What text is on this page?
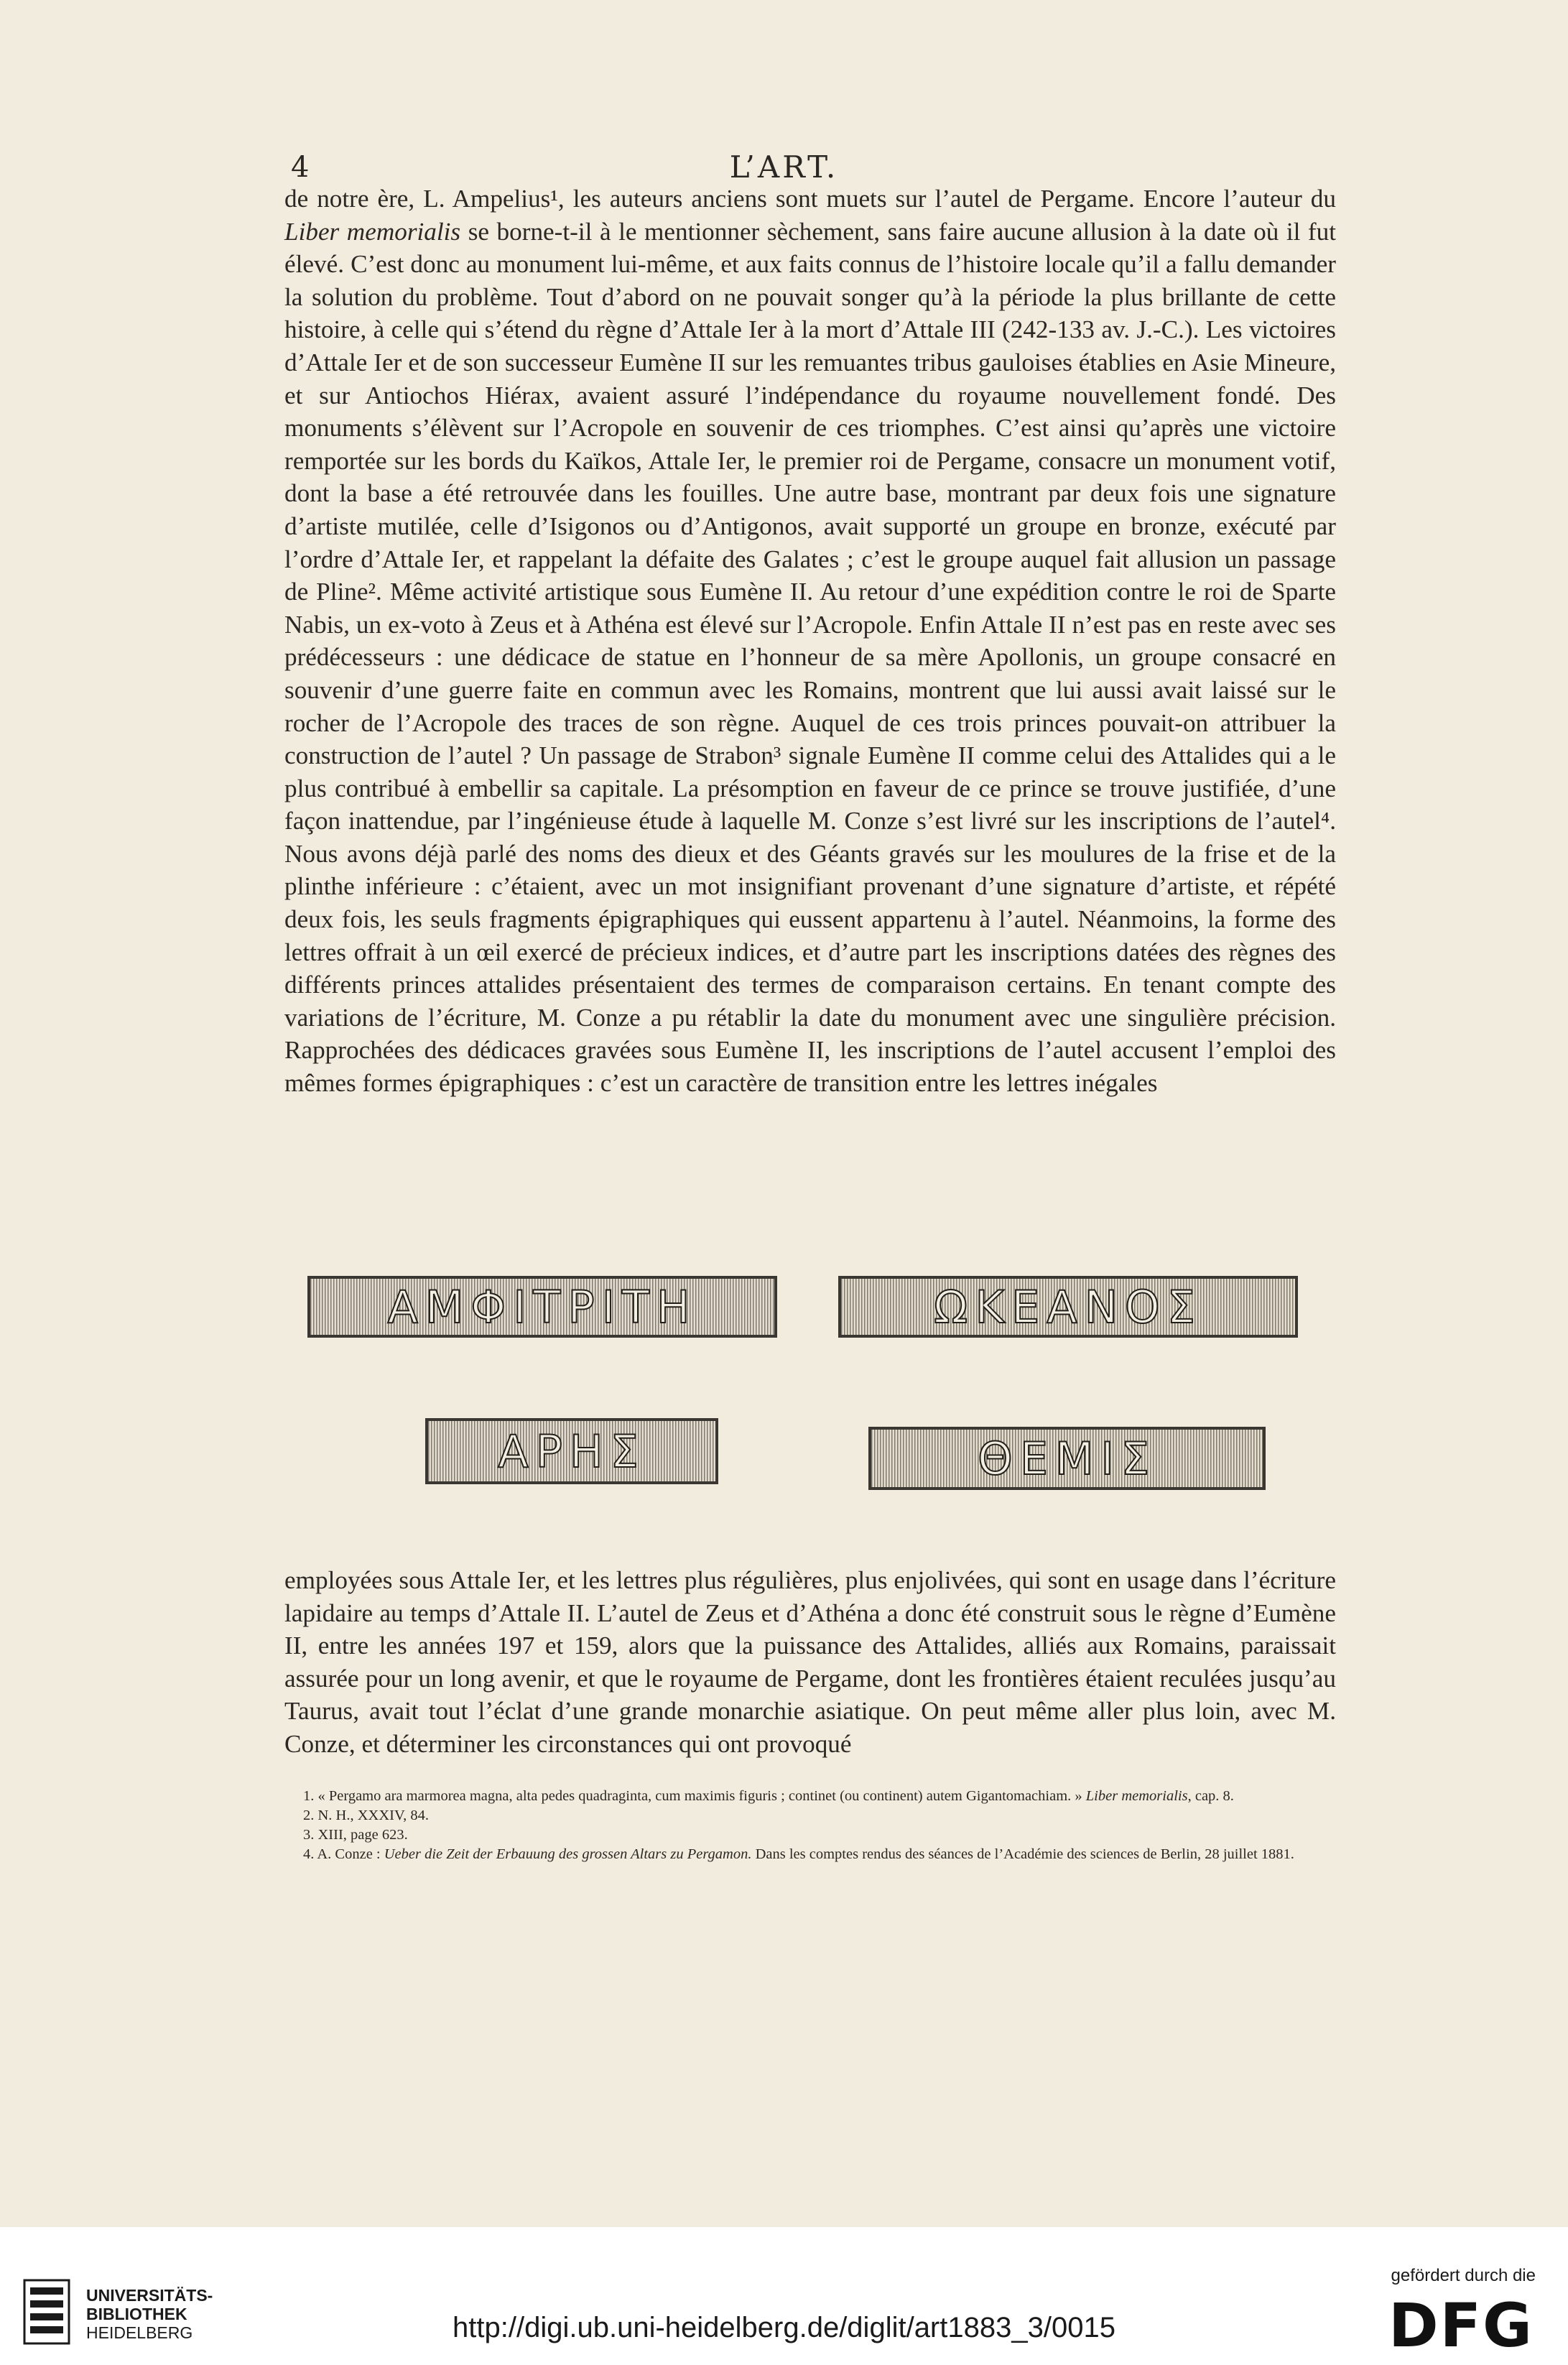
4	L’ART.

de notre ère, L. Ampelius¹, les auteurs anciens sont muets sur l’autel de Pergame. Encore l’auteur du Liber memorialis se borne-t-il à le mentionner sèchement, sans faire aucune allusion à la date où il fut élevé. C’est donc au monument lui-même, et aux faits connus de l’histoire locale qu’il a fallu demander la solution du problème. Tout d’abord on ne pouvait songer qu’à la période la plus brillante de cette histoire, à celle qui s’étend du règne d’Attale Ier à la mort d’Attale III (242-133 av. J.-C.). Les victoires d’Attale Ier et de son successeur Eumène II sur les remuantes tribus gauloises établies en Asie Mineure, et sur Antiochos Hiérax, avaient assuré l’indépendance du royaume nouvellement fondé. Des monuments s’élèvent sur l’Acropole en souvenir de ces triomphes. C’est ainsi qu’après une victoire remportée sur les bords du Kaïkos, Attale Ier, le premier roi de Pergame, consacre un monument votif, dont la base a été retrouvée dans les fouilles. Une autre base, montrant par deux fois une signature d’artiste mutilée, celle d’Isigonos ou d’Antigonos, avait supporté un groupe en bronze, exécuté par l’ordre d’Attale Ier, et rappelant la défaite des Galates ; c’est le groupe auquel fait allusion un passage de Pline². Même activité artistique sous Eumène II. Au retour d’une expédition contre le roi de Sparte Nabis, un ex-voto à Zeus et à Athéna est élevé sur l’Acropole. Enfin Attale II n’est pas en reste avec ses prédécesseurs : une dédicace de statue en l’honneur de sa mère Apollonis, un groupe consacré en souvenir d’une guerre faite en commun avec les Romains, montrent que lui aussi avait laissé sur le rocher de l’Acropole des traces de son règne. Auquel de ces trois princes pouvait-on attribuer la construction de l’autel ? Un passage de Strabon³ signale Eumène II comme celui des Attalides qui a le plus contribué à embellir sa capitale. La présomption en faveur de ce prince se trouve justifiée, d’une façon inattendue, par l’ingénieuse étude à laquelle M. Conze s’est livré sur les inscriptions de l’autel⁴. Nous avons déjà parlé des noms des dieux et des Géants gravés sur les moulures de la frise et de la plinthe inférieure : c’étaient, avec un mot insignifiant provenant d’une signature d’artiste, et répété deux fois, les seuls fragments épigraphiques qui eussent appartenu à l’autel. Néanmoins, la forme des lettres offrait à un œil exercé de précieux indices, et d’autre part les inscriptions datées des règnes des différents princes attalides présentaient des termes de comparaison certains. En tenant compte des variations de l’écriture, M. Conze a pu rétablir la date du monument avec une singulière précision. Rapprochées des dédicaces gravées sous Eumène II, les inscriptions de l’autel accusent l’emploi des mêmes formes épigraphiques : c’est un caractère de transition entre les lettres inégales

ΑΜΦΙΤΡΙΤΗ	ΩΚΕΑΝΟΣ
ΑΡΗΣ	ΘΕΜΙΣ

employées sous Attale Ier, et les lettres plus régulières, plus enjolivées, qui sont en usage dans l’écriture lapidaire au temps d’Attale II. L’autel de Zeus et d’Athéna a donc été construit sous le règne d’Eumène II, entre les années 197 et 159, alors que la puissance des Attalides, alliés aux Romains, paraissait assurée pour un long avenir, et que le royaume de Pergame, dont les frontières étaient reculées jusqu’au Taurus, avait tout l’éclat d’une grande monarchie asiatique. On peut même aller plus loin, avec M. Conze, et déterminer les circonstances qui ont provoqué

1. « Pergamo ara marmorea magna, alta pedes quadraginta, cum maximis figuris ; continet (ou continent) autem Gigantomachiam. » Liber memorialis, cap. 8.

2. N. H., XXXIV, 84.

3. XIII, page 623.

4. A. Conze : Ueber die Zeit der Erbauung des grossen Altars zu Pergamon. Dans les comptes rendus des séances de l’Académie des sciences de Berlin, 28 juillet 1881.

UNIVERSITÄTS-
BIBLIOTHEK
HEIDELBERG	http://digi.ub.uni-heidelberg.de/diglit/art1883_3/0015
gefördert durch die
DFG
